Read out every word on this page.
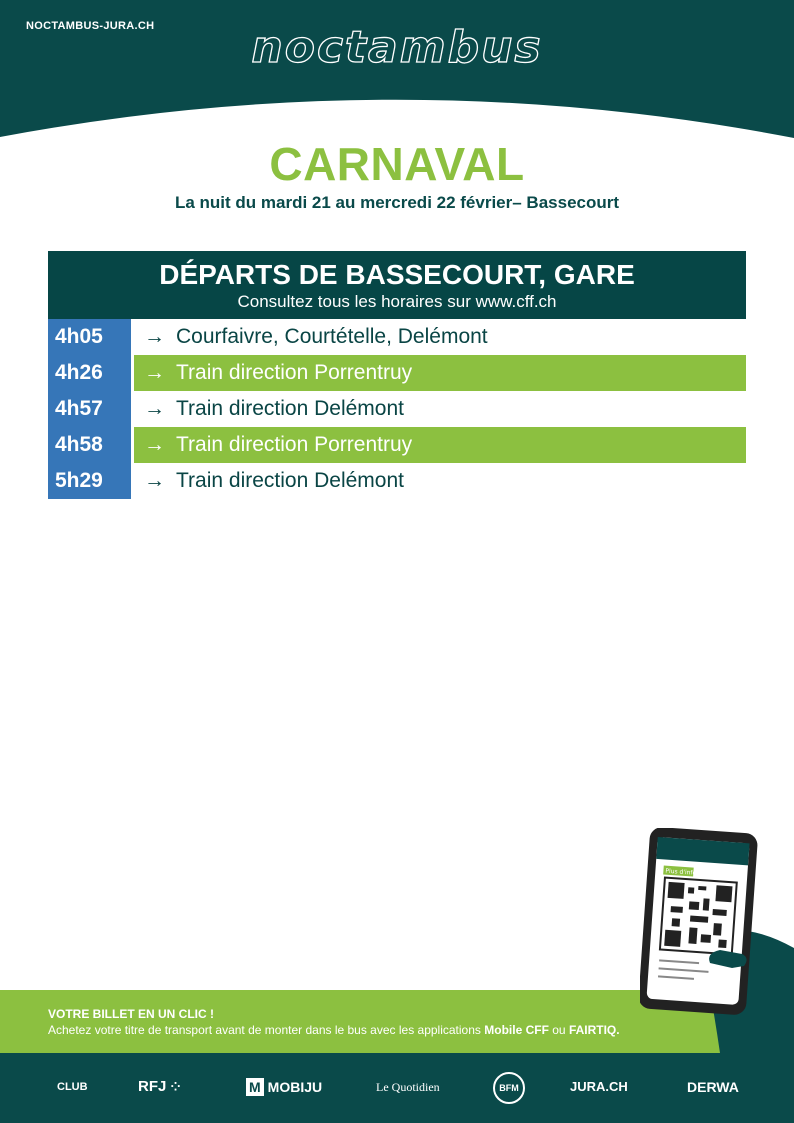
NOCTAMBUS-JURA.CH	noctambus
CARNAVAL
La nuit du mardi 21 au mercredi 22 février– Bassecourt
DÉPARTS DE BASSECOURT, GARE
Consultez tous les horaires sur www.cff.ch
4h05	→ Courfaivre, Courtételle, Delémont
4h26	→ Train direction Porrentruy
4h57	→ Train direction Delémont
4h58	→ Train direction Porrentruy
5h29	→ Train direction Delémont
VOTRE BILLET EN UN CLIC !
Achetez votre titre de transport avant de monter dans le bus avec les applications Mobile CFF ou FAIRTIQ.
Plus d'infos
CLUB	RFJ ⁘	M MOBIJU	Le Quotidien	BFM	JURA.CH	DERWA
